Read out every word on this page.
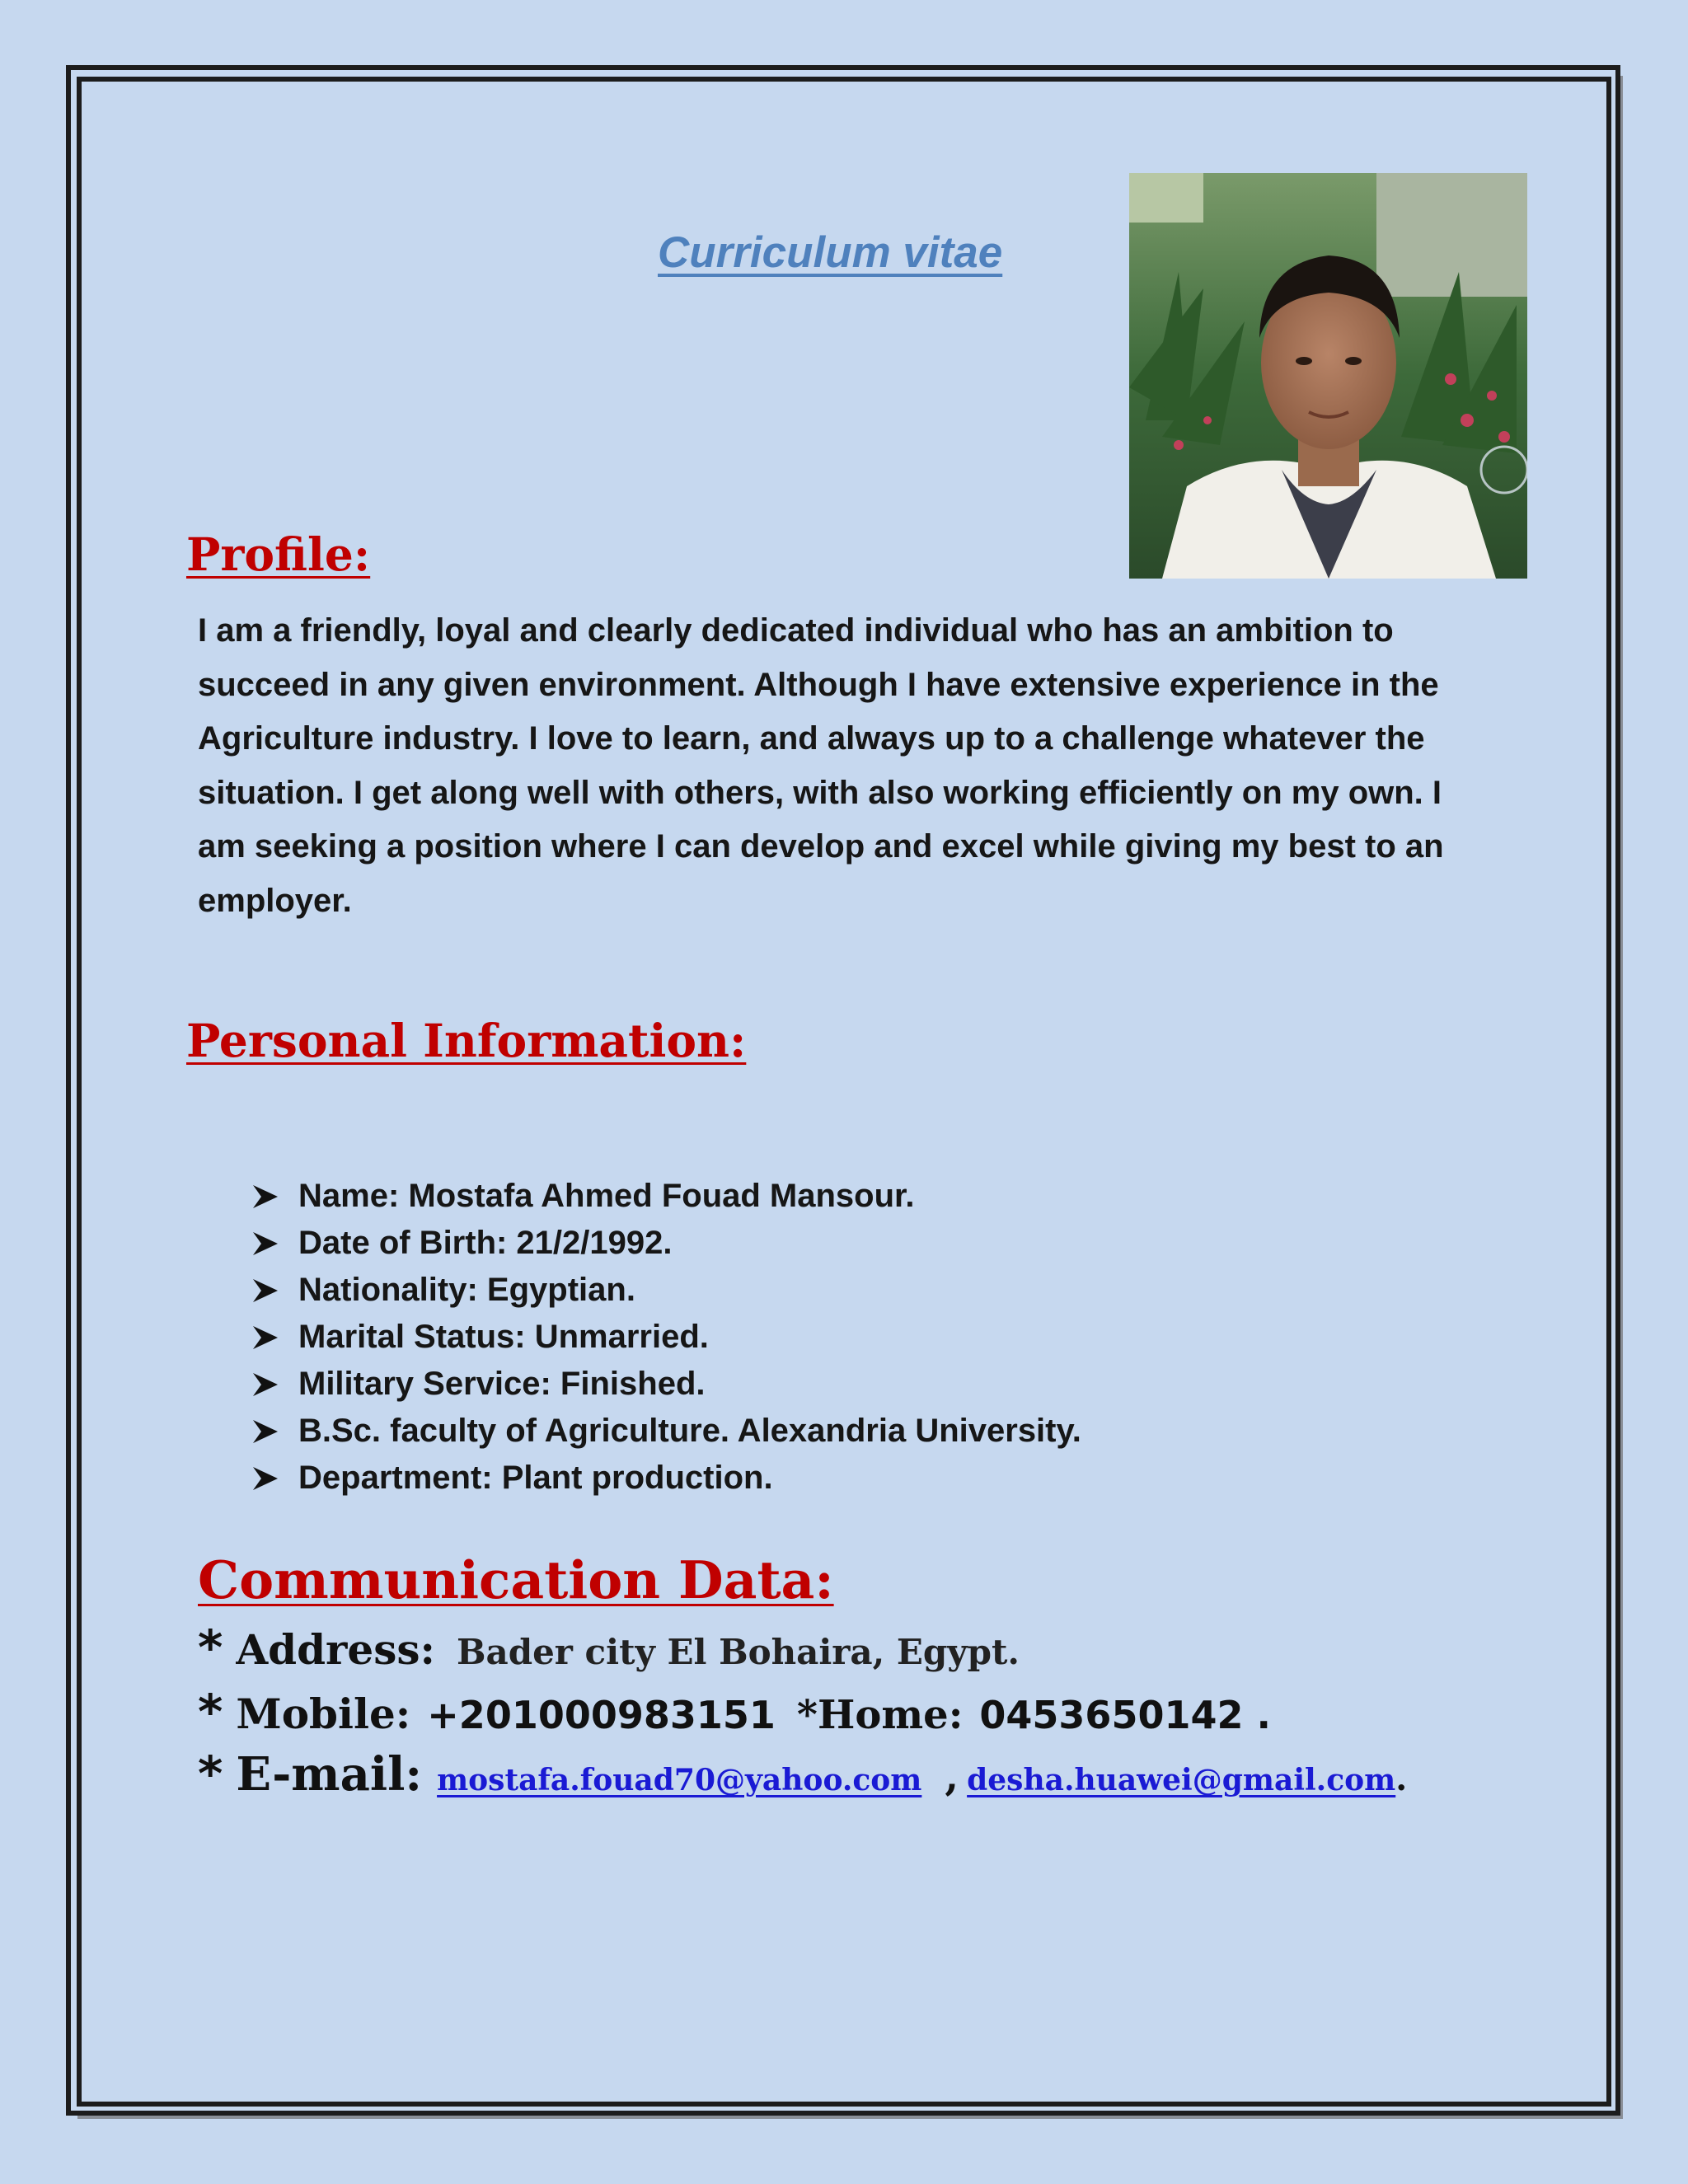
Curriculum vitae
Profile:
I am a friendly, loyal and clearly dedicated individual who has an ambition to succeed in any given environment. Although I have extensive experience in the Agriculture industry. I love to learn, and always up to a challenge whatever the situation. I get along well with others, with also working efficiently on my own. I am seeking a position where I can develop and excel while giving my best to an employer.
Personal Information:
Name: Mostafa Ahmed Fouad Mansour.
Date of Birth: 21/2/1992.
Nationality: Egyptian.
Marital Status: Unmarried.
Military Service: Finished.
B.Sc. faculty of Agriculture. Alexandria University.
Department: Plant production.
Communication Data:
* Address: Bader city El Bohaira, Egypt.
* Mobile: +201000983151 *Home: 0453650142 .
* E-mail: mostafa.fouad70@yahoo.com , desha.huawei@gmail.com.
